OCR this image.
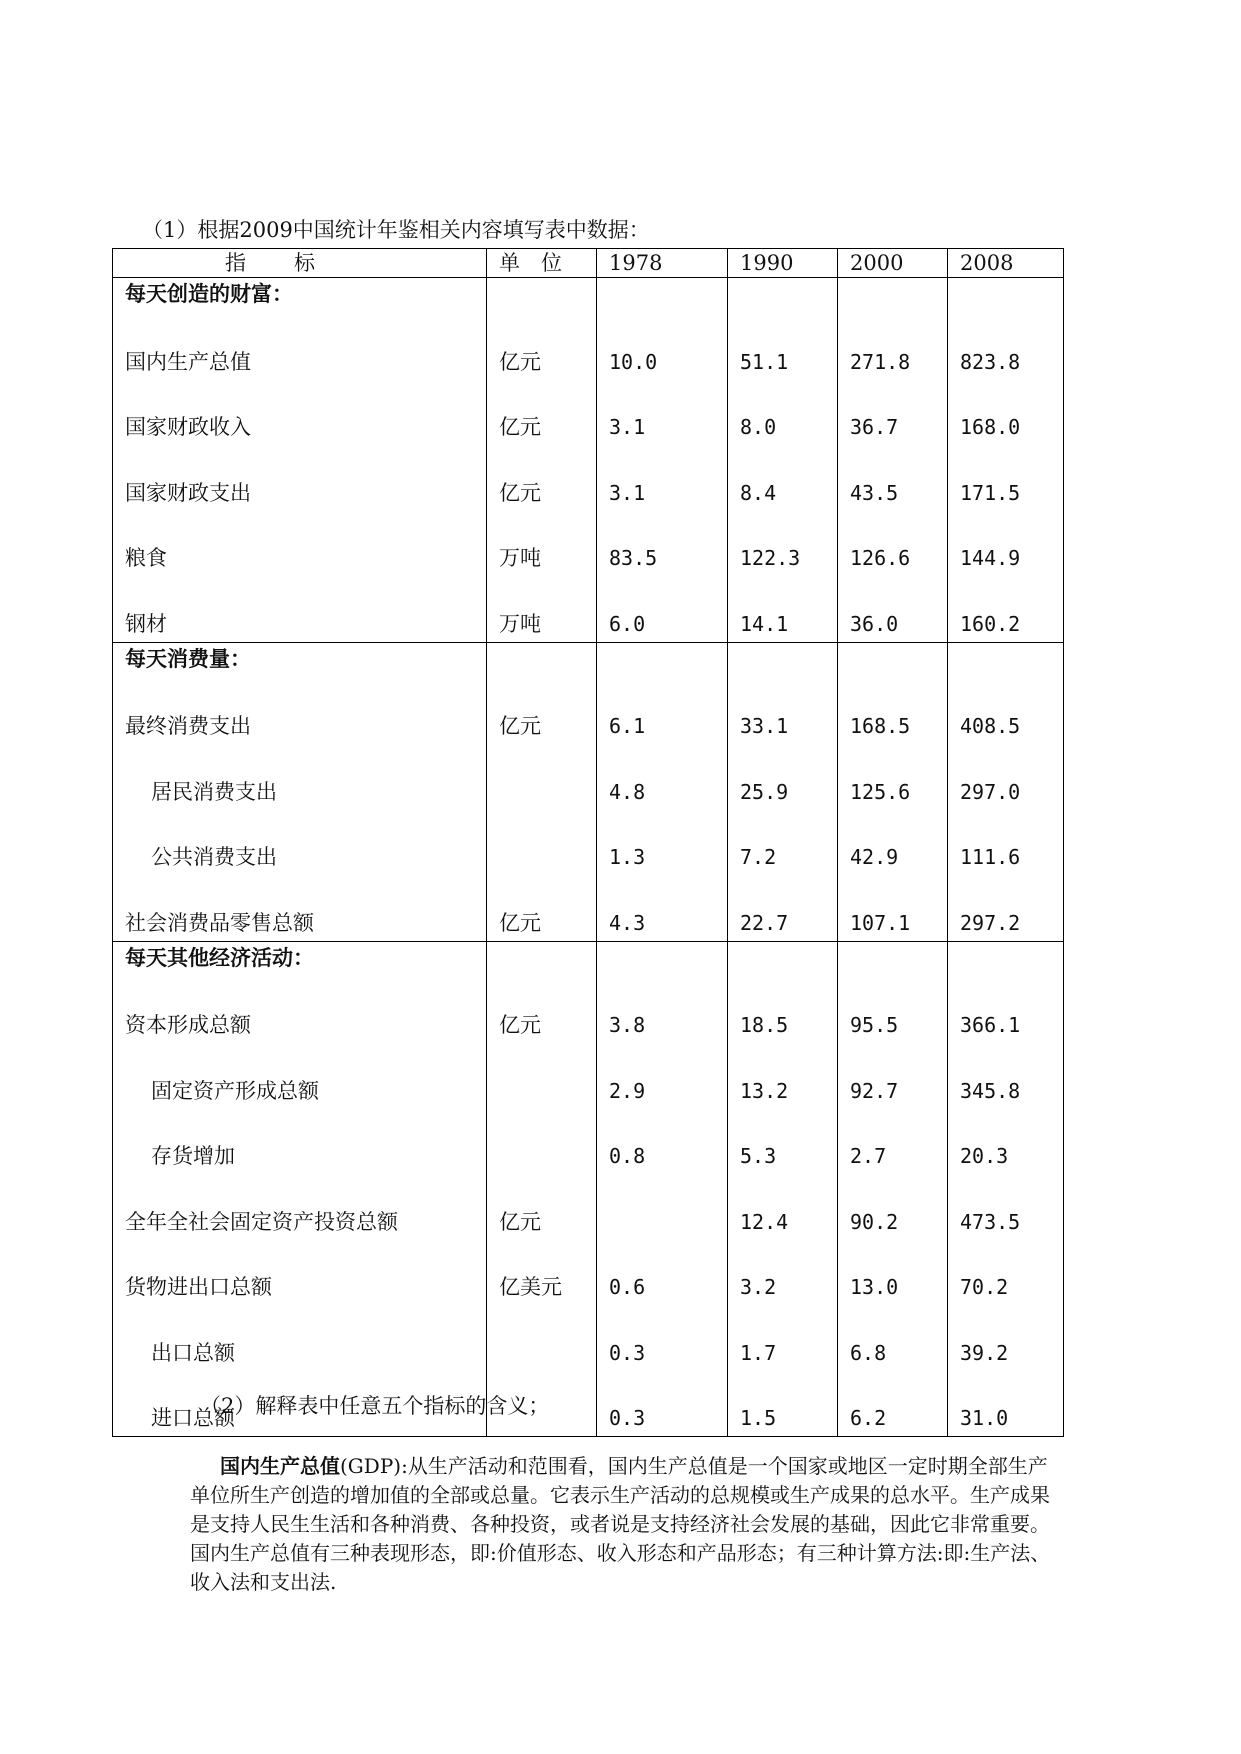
（1）根据2009中国统计年鉴相关内容填写表中数据：
指　　标	单　位	1978	1990	2000	2008
每天创造的财富：					
国内生产总值	亿元	10.0	51.1	271.8	823.8
国家财政收入	亿元	3.1	8.0	36.7	168.0
国家财政支出	亿元	3.1	8.4	43.5	171.5
粮食	万吨	83.5	122.3	126.6	144.9
钢材	万吨	6.0	14.1	36.0	160.2
每天消费量：					
最终消费支出	亿元	6.1	33.1	168.5	408.5
居民消费支出		4.8	25.9	125.6	297.0
公共消费支出		1.3	7.2	42.9	111.6
社会消费品零售总额	亿元	4.3	22.7	107.1	297.2
每天其他经济活动：					
资本形成总额	亿元	3.8	18.5	95.5	366.1
固定资产形成总额		2.9	13.2	92.7	345.8
存货增加		0.8	5.3	2.7	20.3
全年全社会固定资产投资总额	亿元		12.4	90.2	473.5
货物进出口总额	亿美元	0.6	3.2	13.0	70.2
出口总额		0.3	1.7	6.8	39.2
进口总额		0.3	1.5	6.2	31.0
（2）解释表中任意五个指标的含义；
国内生产总值(GDP):从生产活动和范围看，国内生产总值是一个国家或地区一定时期全部生产单位所生产创造的增加值的全部或总量。它表示生产活动的总规模或生产成果的总水平。生产成果是支持人民生生活和各种消费、各种投资，或者说是支持经济社会发展的基础，因此它非常重要。国内生产总值有三种表现形态，即:价值形态、收入形态和产品形态；有三种计算方法:即:生产法、收入法和支出法.
